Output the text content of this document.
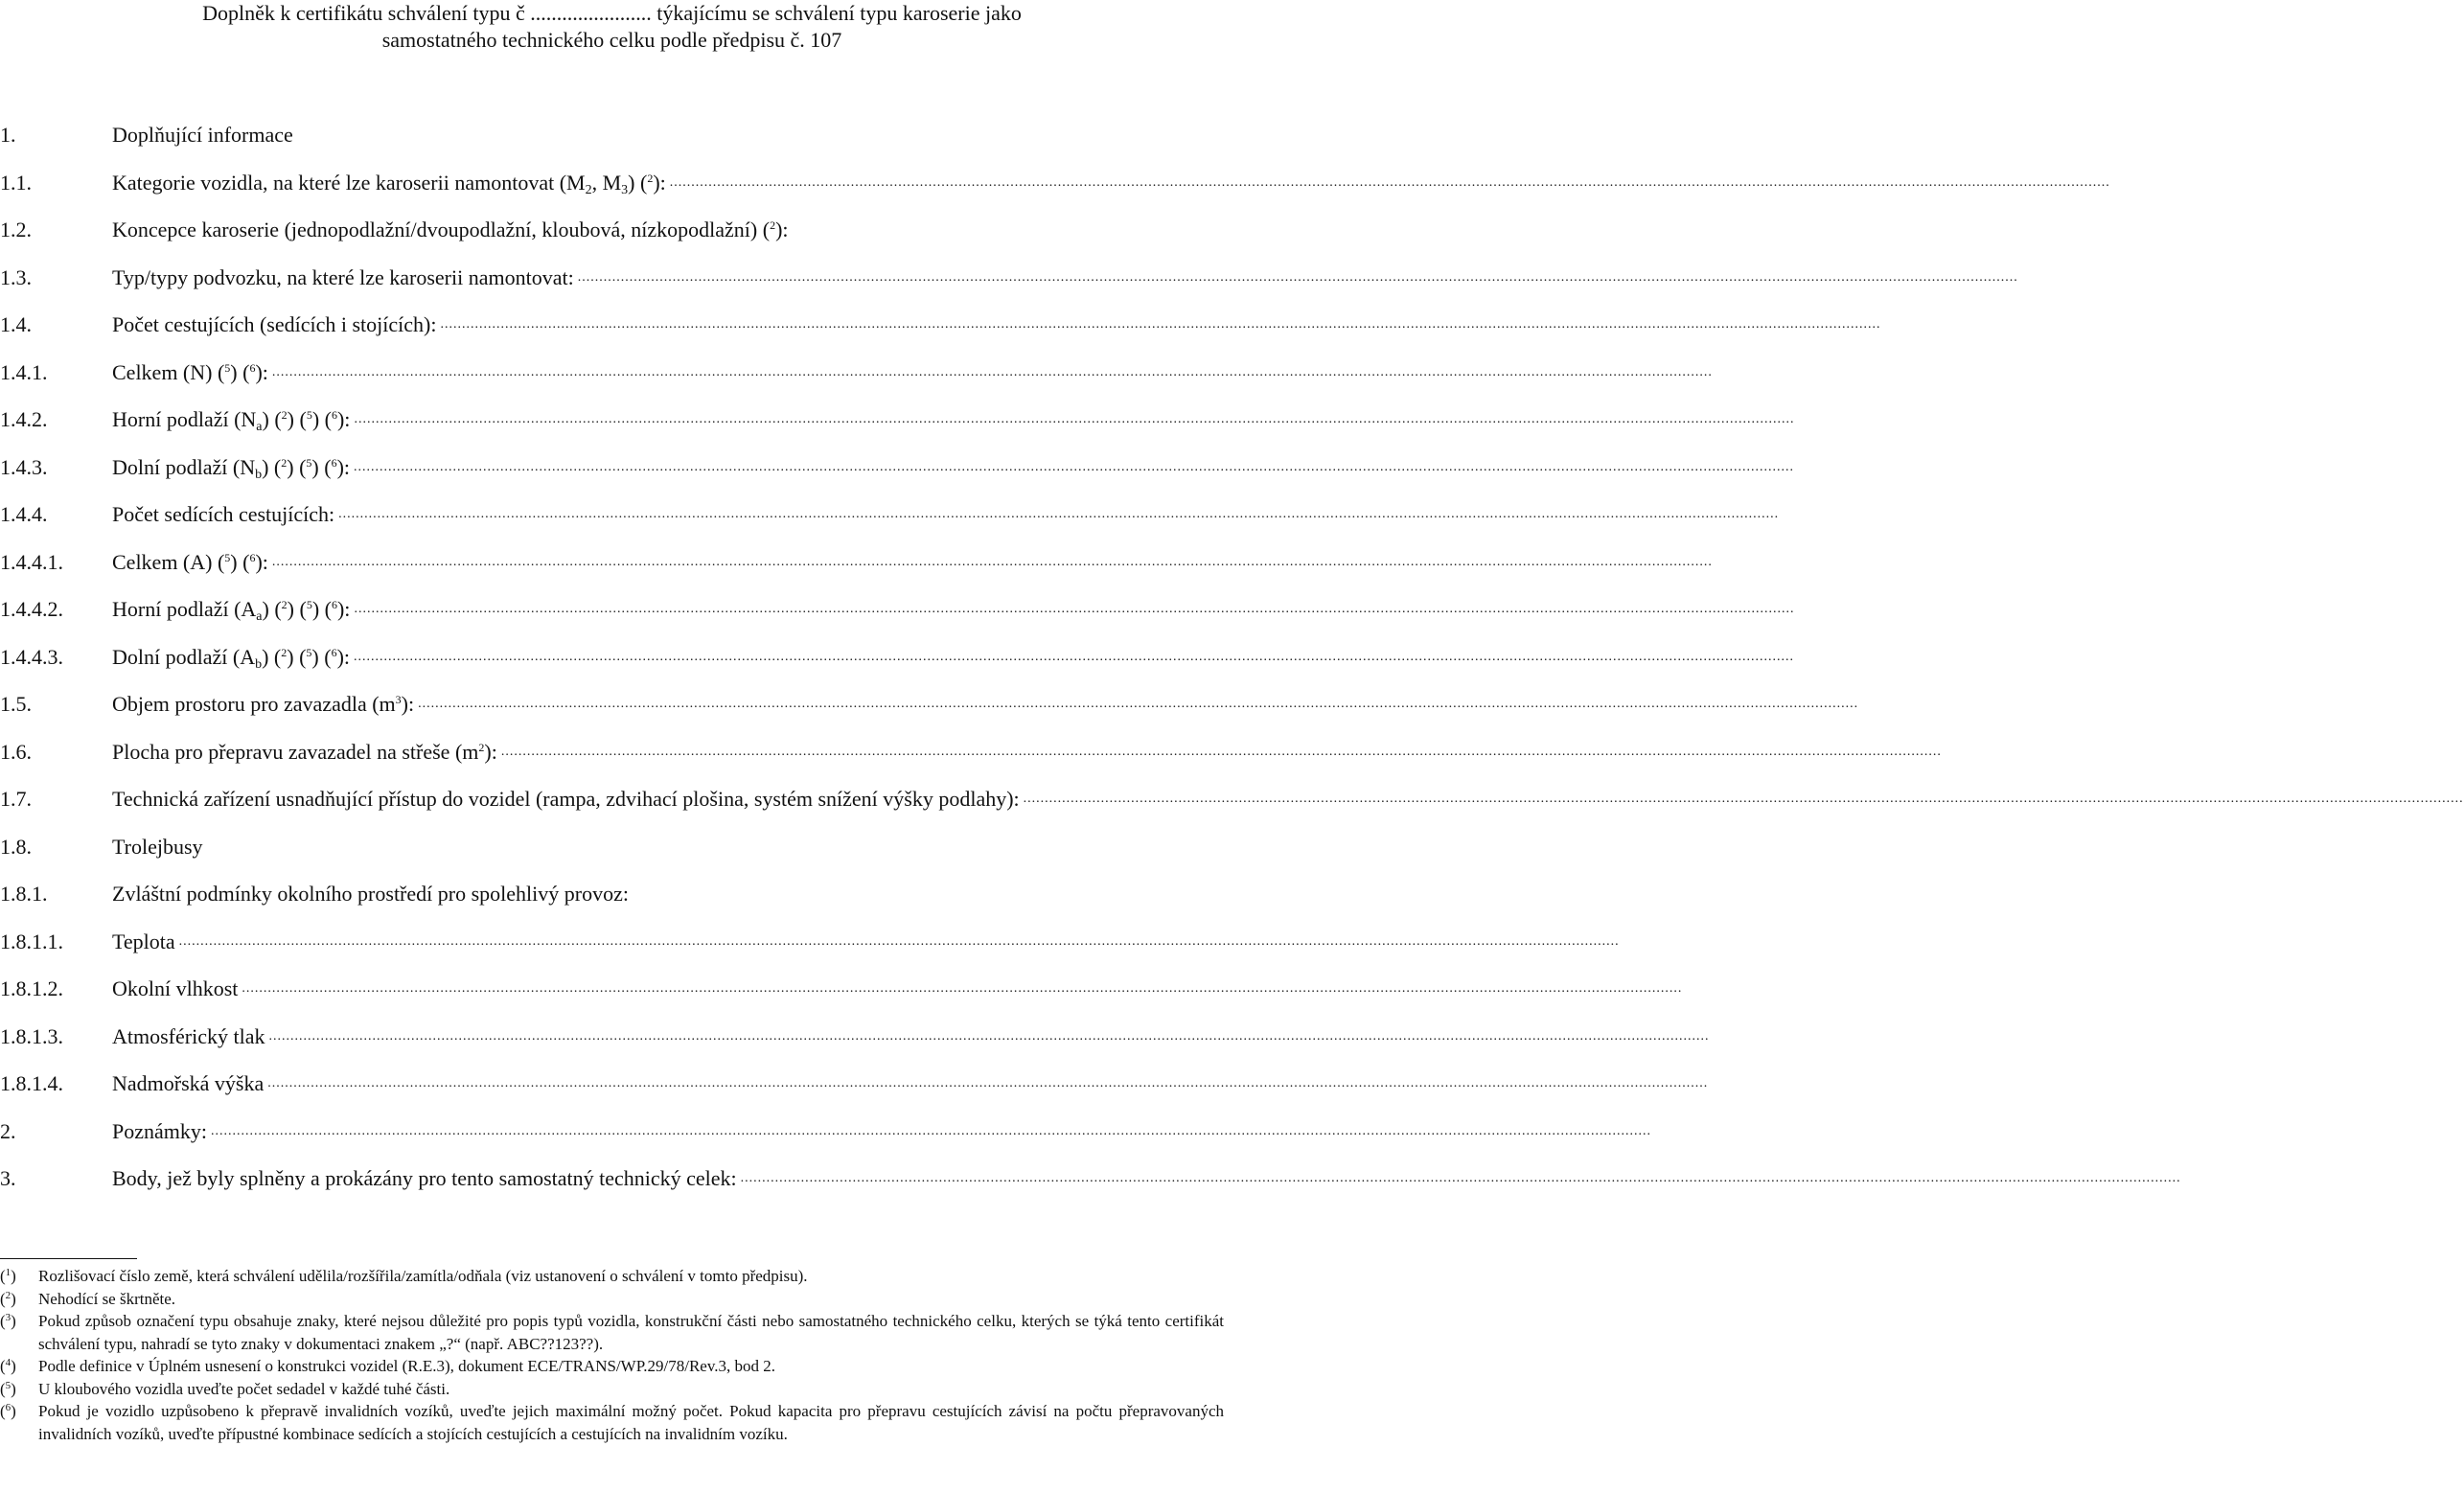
Doplněk k certifikátu schválení typu č ....................... týkajícímu se schválení typu karoserie jako
samostatného technického celku podle předpisu č. 107
1.	Doplňující informace
1.1.	Kategorie vozidla, na které lze karoserii namontovat ($M_2$, $M_3$) ($^2$): ..............................................................................................................................................................................................................................................................................................................................................
1.2.	Koncepce karoserie (jednopodlažní/dvoupodlažní, kloubová, nízkopodlažní) ($^2$):
1.3.	Typ/typy podvozku, na které lze karoserii namontovat: ..............................................................................................................................................................................................................................................................................................................................................
1.4.	Počet cestujících (sedících i stojících): ..............................................................................................................................................................................................................................................................................................................................................
1.4.1.	Celkem (N) ($^5$) ($^6$): ..............................................................................................................................................................................................................................................................................................................................................
1.4.2.	Horní podlaží $(N_a)$ ($^2$) ($^5$) ($^6$): ..............................................................................................................................................................................................................................................................................................................................................
1.4.3.	Dolní podlaží $(N_b)$ ($^2$) ($^5$) ($^6$): ..............................................................................................................................................................................................................................................................................................................................................
1.4.4.	Počet sedících cestujících: ..............................................................................................................................................................................................................................................................................................................................................
1.4.4.1. Celkem (A) ($^5$) ($^6$): ..............................................................................................................................................................................................................................................................................................................................................
1.4.4.2. Horní podlaží $(A_a)$ ($^2$) ($^5$) ($^6$): ..............................................................................................................................................................................................................................................................................................................................................
1.4.4.3. Dolní podlaží $(A_b)$ ($^2$) ($^5$) ($^6$): ..............................................................................................................................................................................................................................................................................................................................................
1.5.	Objem prostoru pro zavazadla $(m^3)$: ..............................................................................................................................................................................................................................................................................................................................................
1.6.	Plocha pro přepravu zavazadel na střeše $(m^2)$: ..............................................................................................................................................................................................................................................................................................................................................
1.7.	Technická zařízení usnadňující přístup do vozidel (rampa, zdvihací plošina, systém snížení výšky podlahy): ..............................................................................................................................................................................................................................................................................................................................................
1.8.	Trolejbusy
1.8.1.	Zvláštní podmínky okolního prostředí pro spolehlivý provoz:
1.8.1.1. Teplota ..............................................................................................................................................................................................................................................................................................................................................
1.8.1.2. Okolní vlhkost ..............................................................................................................................................................................................................................................................................................................................................
1.8.1.3. Atmosférický tlak ..............................................................................................................................................................................................................................................................................................................................................
1.8.1.4. Nadmořská výška ..............................................................................................................................................................................................................................................................................................................................................
2.	Poznámky: ..............................................................................................................................................................................................................................................................................................................................................
3.	Body, jež byly splněny a prokázány pro tento samostatný technický celek: ..............................................................................................................................................................................................................................................................................................................................................
($^1$)	Rozlišovací číslo země, která schválení udělila/rozšířila/zamítla/odňala (viz ustanovení o schválení v tomto předpisu).
($^2$)	Nehodící se škrtněte.
($^3$)	Pokud způsob označení typu obsahuje znaky, které nejsou důležité pro popis typů vozidla, konstrukční části nebo samostatného technického celku, kterých se týká tento certifikát schválení typu, nahradí se tyto znaky v dokumentaci znakem „?“ (např. ABC??123??).
($^4$)	Podle definice v Úplném usnesení o konstrukci vozidel (R.E.3), dokument ECE/TRANS/WP.29/78/Rev.3, bod 2.
($^5$)	U kloubového vozidla uveďte počet sedadel v každé tuhé části.
($^6$)	Pokud je vozidlo uzpůsobeno k přepravě invalidních vozíků, uveďte jejich maximální možný počet. Pokud kapacita pro přepravu cestujících závisí na počtu přepravovaných invalidních vozíků, uveďte přípustné kombinace sedících a stojících cestujících a cestujících na invalidním vozíku.
